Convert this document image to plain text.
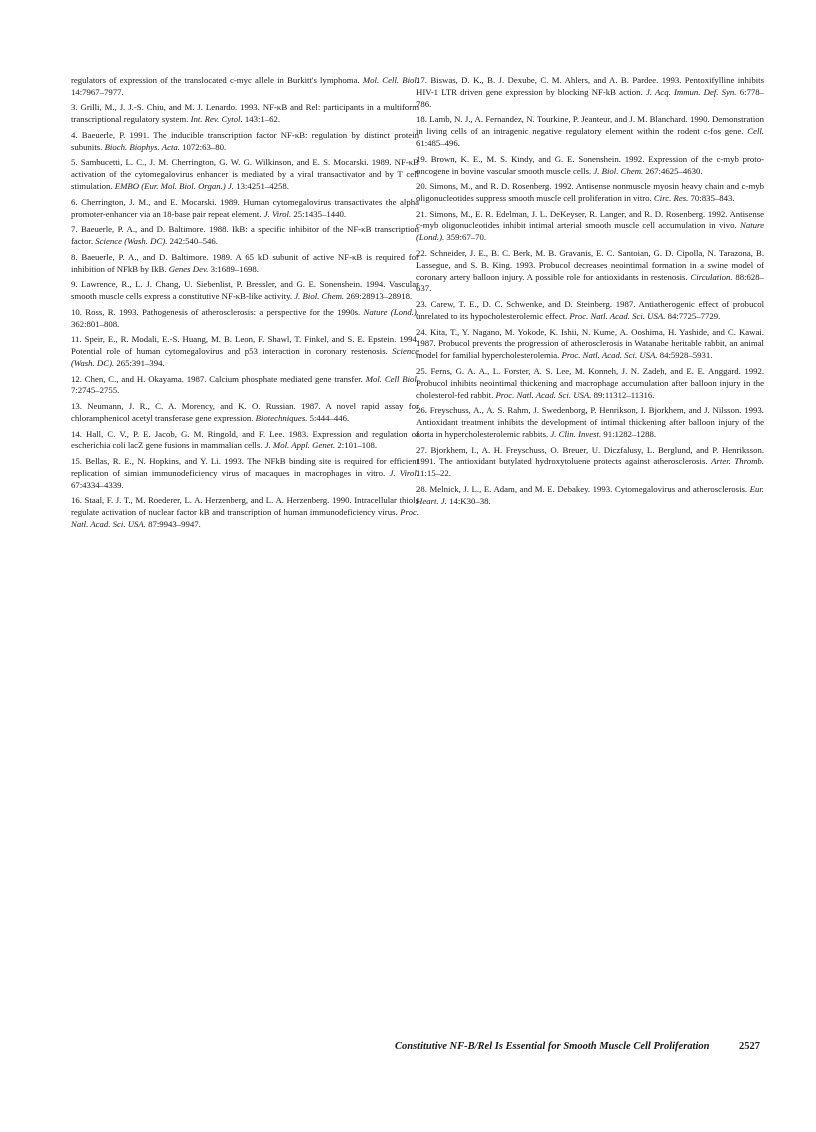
regulators of expression of the translocated c-myc allele in Burkitt's lymphoma. Mol. Cell. Biol. 14:7967–7977.

3. Grilli, M., J. J.-S. Chiu, and M. J. Lenardo. 1993. NF-κB and Rel: participants in a multiform transcriptional regulatory system. Int. Rev. Cytol. 143:1–62.

4. Baeuerle, P. 1991. The inducible transcription factor NF-κB: regulation by distinct protein subunits. Bioch. Biophys. Acta. 1072:63–80.

5. Sambucetti, L. C., J. M. Cherrington, G. W. G. Wilkinson, and E. S. Mocarski. 1989. NF-κB activation of the cytomegalovirus enhancer is mediated by a viral transactivator and by T cell stimulation. EMBO (Eur. Mol. Biol. Organ.) J. 13:4251–4258.

6. Cherrington, J. M., and E. Mocarski. 1989. Human cytomegalovirus transactivates the alpha promoter-enhancer via an 18-base pair repeat element. J. Virol. 25:1435–1440.

7. Baeuerle, P. A., and D. Baltimore. 1988. IkB: a specific inhibitor of the NF-κB transcription factor. Science (Wash. DC). 242:540–546.

8. Baeuerle, P. A., and D. Baltimore. 1989. A 65 kD subunit of active NF-κB is required for inhibition of NFkB by IkB. Genes Dev. 3:1689–1698.

9. Lawrence, R., L. J. Chang, U. Siebenlist, P. Bressler, and G. E. Sonenshein. 1994. Vascular smooth muscle cells express a constitutive NF-κB-like activity. J. Biol. Chem. 269:28913–28918.

10. Ross, R. 1993. Pathogenesis of atherosclerosis: a perspective for the 1990s. Nature (Lond.). 362:801–808.

11. Speir, E., R. Modali, E.-S. Huang, M. B. Leon, F. Shawl, T. Finkel, and S. E. Epstein. 1994. Potential role of human cytomegalovirus and p53 interaction in coronary restenosis. Science (Wash. DC). 265:391–394.

12. Chen, C., and H. Okayama. 1987. Calcium phosphate mediated gene transfer. Mol. Cell Biol. 7:2745–2755.

13. Neumann, J. R., C. A. Morency, and K. O. Russian. 1987. A novel rapid assay for chloramphenicol acetyl transferase gene expression. Biotechniques. 5:444–446.

14. Hall, C. V., P. E. Jacob, G. M. Ringold, and F. Lee. 1983. Expression and regulation of escherichia coli lacZ gene fusions in mammalian cells. J. Mol. Appl. Genet. 2:101–108.

15. Bellas, R. E., N. Hopkins, and Y. Li. 1993. The NFkB binding site is required for efficient replication of simian immunodeficiency virus of macaques in macrophages in vitro. J. Virol. 67:4334–4339.

16. Staal, F. J. T., M. Roederer, L. A. Herzenberg, and L. A. Herzenberg. 1990. Intracellular thiols regulate activation of nuclear factor kB and transcription of human immunodeficiency virus. Proc. Natl. Acad. Sci. USA. 87:9943–9947.

17. Biswas, D. K., B. J. Dexube, C. M. Ahlers, and A. B. Pardee. 1993. Pentoxifylline inhibits HIV-1 LTR driven gene expression by blocking NF-kB action. J. Acq. Immun. Def. Syn. 6:778–786.

18. Lamb, N. J., A. Fernandez, N. Tourkine, P. Jeanteur, and J. M. Blanchard. 1990. Demonstration in living cells of an intragenic negative regulatory element within the rodent c-fos gene. Cell. 61:485–496.

19. Brown, K. E., M. S. Kindy, and G. E. Sonenshein. 1992. Expression of the c-myb proto-oncogene in bovine vascular smooth muscle cells. J. Biol. Chem. 267:4625–4630.

20. Simons, M., and R. D. Rosenberg. 1992. Antisense nonmuscle myosin heavy chain and c-myb oligonucleotides suppress smooth muscle cell proliferation in vitro. Circ. Res. 70:835–843.

21. Simons, M., E. R. Edelman, J. L. DeKeyser, R. Langer, and R. D. Rosenberg. 1992. Antisense c-myb oligonucleotides inhibit intimal arterial smooth muscle cell accumulation in vivo. Nature (Lond.). 359:67–70.

22. Schneider, J. E., B. C. Berk, M. B. Gravanis, E. C. Santoian, G. D. Cipolla, N. Tarazona, B. Lassegue, and S. B. King. 1993. Probucol decreases neointimal formation in a swine model of coronary artery balloon injury. A possible role for antioxidants in restenosis. Circulation. 88:628–637.

23. Carew, T. E., D. C. Schwenke, and D. Steinberg. 1987. Antiatherogenic effect of probucol unrelated to its hypocholesterolemic effect. Proc. Natl. Acad. Sci. USA. 84:7725–7729.

24. Kita, T., Y. Nagano, M. Yokode, K. Ishii, N. Kume, A. Ooshima, H. Yashide, and C. Kawai. 1987. Probucol prevents the progression of atherosclerosis in Watanabe heritable rabbit, an animal model for familial hypercholesterolemia. Proc. Natl. Acad. Sci. USA. 84:5928–5931.

25. Ferns, G. A. A., L. Forster, A. S. Lee, M. Konneh, J. N. Zadeh, and E. E. Anggard. 1992. Probucol inhibits neointimal thickening and macrophage accumulation after balloon injury in the cholesterol-fed rabbit. Proc. Natl. Acad. Sci. USA. 89:11312–11316.

26. Freyschuss, A., A. S. Rahm, J. Swedenborg, P. Henrikson, I. Bjorkhem, and J. Nilsson. 1993. Antioxidant treatment inhibits the development of intimal thickening after balloon injury of the aorta in hypercholesterolemic rabbits. J. Clin. Invest. 91:1282–1288.

27. Bjorkhem, I., A. H. Freyschuss, O. Breuer, U. Diczfalusy, L. Berglund, and P. Henriksson. 1991. The antioxidant butylated hydroxytoluene protects against atherosclerosis. Arter. Thromb. 11:15–22.

28. Melnick, J. L., E. Adam, and M. E. Debakey. 1993. Cytomegalovirus and atherosclerosis. Eur. Heart. J. 14:K30–38.

Constitutive NF-B/Rel Is Essential for Smooth Muscle Cell Proliferation	2527
